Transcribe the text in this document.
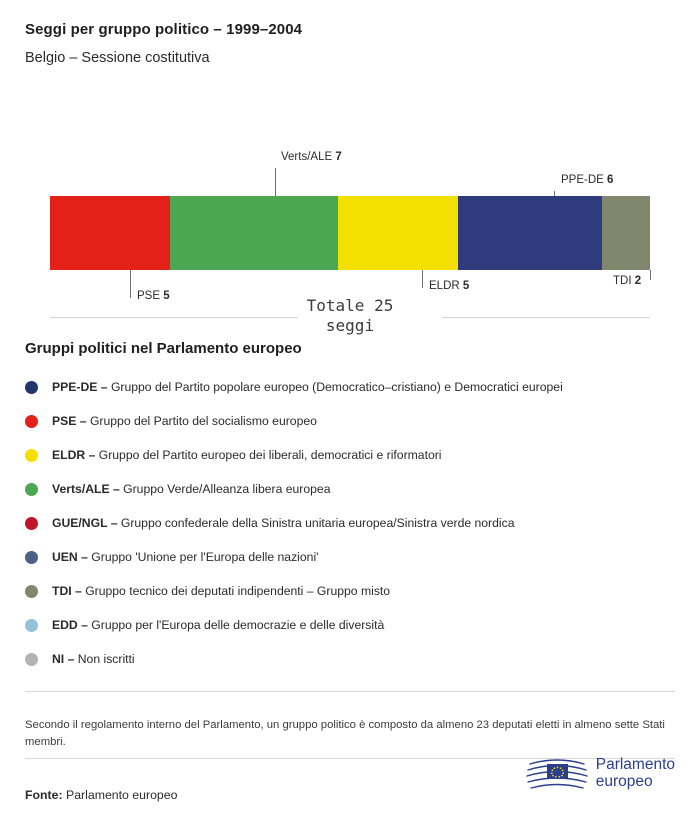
Seggi per gruppo politico – 1999–2004
Belgio – Sessione costitutiva
Verts/ALE 7
PPE-DE 6
PSE 5
ELDR 5	TDI 2
Totale 25
seggi
Gruppi politici nel Parlamento europeo
PPE-DE – Gruppo del Partito popolare europeo (Democratico–cristiano) e Democratici europei
PSE – Gruppo del Partito del socialismo europeo
ELDR – Gruppo del Partito europeo dei liberali, democratici e riformatori
Verts/ALE – Gruppo Verde/Alleanza libera europea
GUE/NGL – Gruppo confederale della Sinistra unitaria europea/Sinistra verde nordica
UEN – Gruppo 'Unione per l'Europa delle nazioni'
TDI – Gruppo tecnico dei deputati indipendenti – Gruppo misto
EDD – Gruppo per l'Europa delle democrazie e delle diversità
NI – Non iscritti

Secondo il regolamento interno del Parlamento, un gruppo politico è composto da almeno 23 deputati eletti in almeno sette Stati membri.

Fonte: Parlamento europeo
Parlamento
europeo
